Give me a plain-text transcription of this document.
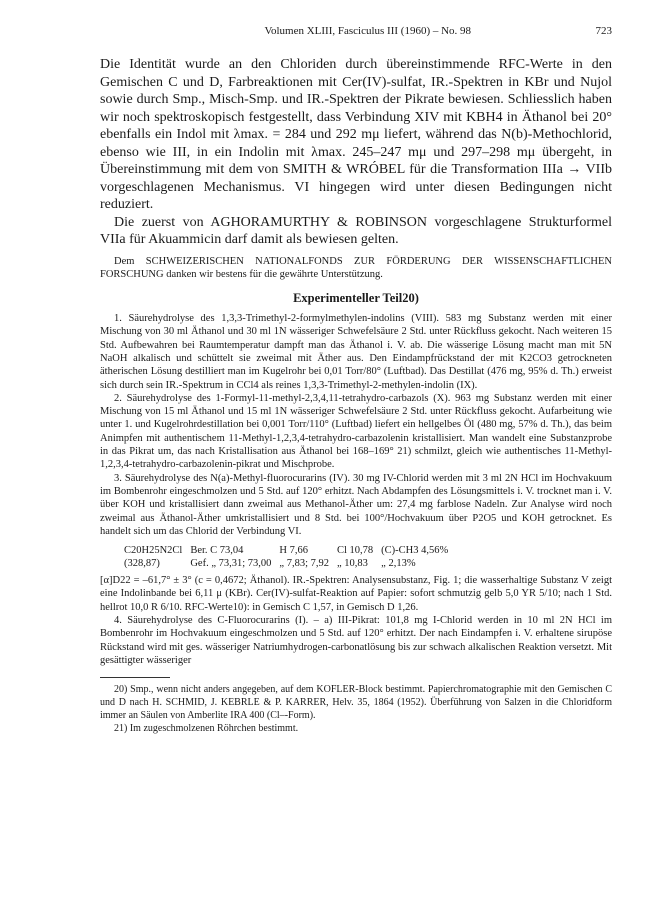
Volumen XLIII, Fasciculus III (1960) – No. 98	723

Die Identität wurde an den Chloriden durch übereinstimmende RFC-Werte in den Gemischen C und D, Farbreaktionen mit Cer(IV)-sulfat, IR.-Spektren in KBr und Nujol sowie durch Smp., Misch-Smp. und IR.-Spektren der Pikrate bewiesen. Schliesslich haben wir noch spektroskopisch festgestellt, dass Verbindung XIV mit KBH4 in Äthanol bei 20° ebenfalls ein Indol mit λmax. = 284 und 292 mμ liefert, während das N(b)-Methochlorid, ebenso wie III, in ein Indolin mit λmax. 245–247 mμ und 297–298 mμ übergeht, in Übereinstimmung mit dem von SMITH & WRÓBEL für die Transformation IIIa → VIIb vorgeschlagenen Mechanismus. VI hingegen wird unter diesen Bedingungen nicht reduziert.

Die zuerst von AGHORAMURTHY & ROBINSON vorgeschlagene Strukturformel VIIa für Akuammicin darf damit als bewiesen gelten.

Dem SCHWEIZERISCHEN NATIONALFONDS ZUR FÖRDERUNG DER WISSENSCHAFTLICHEN FORSCHUNG danken wir bestens für die gewährte Unterstützung.

Experimenteller Teil20)

1. Säurehydrolyse des 1,3,3-Trimethyl-2-formylmethylen-indolins (VIII). 583 mg Substanz werden mit einer Mischung von 30 ml Äthanol und 30 ml 1N wässeriger Schwefelsäure 2 Std. unter Rückfluss gekocht. Nach weiteren 15 Std. Aufbewahren bei Raumtemperatur dampft man das Äthanol i. V. ab. Die wässerige Lösung macht man mit 5N NaOH alkalisch und schüttelt sie zweimal mit Äther aus. Den Eindampfrückstand der mit K2CO3 getrockneten ätherischen Lösung destilliert man im Kugelrohr bei 0,01 Torr/80° (Luftbad). Das Destillat (476 mg, 95% d. Th.) erweist sich durch sein IR.-Spektrum in CCl4 als reines 1,3,3-Trimethyl-2-methylen-indolin (IX).

2. Säurehydrolyse des 1-Formyl-11-methyl-2,3,4,11-tetrahydro-carbazols (X). 963 mg Substanz werden mit einer Mischung von 15 ml Äthanol und 15 ml 1N wässeriger Schwefelsäure 2 Std. unter Rückfluss gekocht. Aufarbeitung wie unter 1. und Kugelrohrdestillation bei 0,001 Torr/110° (Luftbad) liefert ein hellgelbes Öl (480 mg, 57% d. Th.), das beim Animpfen mit authentischem 11-Methyl-1,2,3,4-tetrahydro-carbazolenin kristallisiert. Man wandelt eine Substanzprobe in das Pikrat um, das nach Kristallisation aus Äthanol bei 168–169° 21) schmilzt, gleich wie authentisches 11-Methyl-1,2,3,4-tetrahydro-carbazolenin-pikrat und Mischprobe.

3. Säurehydrolyse des N(a)-Methyl-fluorocurarins (IV). 30 mg IV-Chlorid werden mit 3 ml 2N HCl im Hochvakuum im Bombenrohr eingeschmolzen und 5 Std. auf 120° erhitzt. Nach Abdampfen des Lösungsmittels i. V. trocknet man i. V. über KOH und kristallisiert dann zweimal aus Methanol-Äther um: 27,4 mg farblose Nadeln. Zur Analyse wird noch zweimal aus Äthanol-Äther umkristallisiert und 8 Std. bei 100°/Hochvakuum über P2O5 und KOH getrocknet. Es handelt sich um das Chlorid der Verbindung VI.

C20H25N2Cl	Ber. C 73,04	H 7,66	Cl 10,78	(C)-CH3 4,56%
(328,87)	Gef. „ 73,31; 73,00	„ 7,83; 7,92	„ 10,83	„ 2,13%

[α]D22 = –61,7° ± 3° (c = 0,4672; Äthanol). IR.-Spektren: Analysensubstanz, Fig. 1; die wasserhaltige Substanz V zeigt eine Indolinbande bei 6,11 μ (KBr). Cer(IV)-sulfat-Reaktion auf Papier: sofort schmutzig gelb 5,0 YR 5/10; nach 1 Std. hellrot 10,0 R 6/10. RFC-Werte10): in Gemisch C 1,57, in Gemisch D 1,26.

4. Säurehydrolyse des C-Fluorocurarins (I). – a) III-Pikrat: 101,8 mg I-Chlorid werden in 10 ml 2N HCl im Bombenrohr im Hochvakuum eingeschmolzen und 5 Std. auf 120° erhitzt. Der nach Eindampfen i. V. erhaltene sirupöse Rückstand wird mit ges. wässeriger Natriumhydrogen-carbonatlösung bis zur schwach alkalischen Reaktion versetzt. Mit gesättigter wässeriger

20) Smp., wenn nicht anders angegeben, auf dem KOFLER-Block bestimmt. Papierchromatographie mit den Gemischen C und D nach H. SCHMID, J. KEBRLE & P. KARRER, Helv. 35, 1864 (1952). Überführung von Salzen in die Chloridform immer an Säulen von Amberlite IRA 400 (Cl–-Form).

21) Im zugeschmolzenen Röhrchen bestimmt.
